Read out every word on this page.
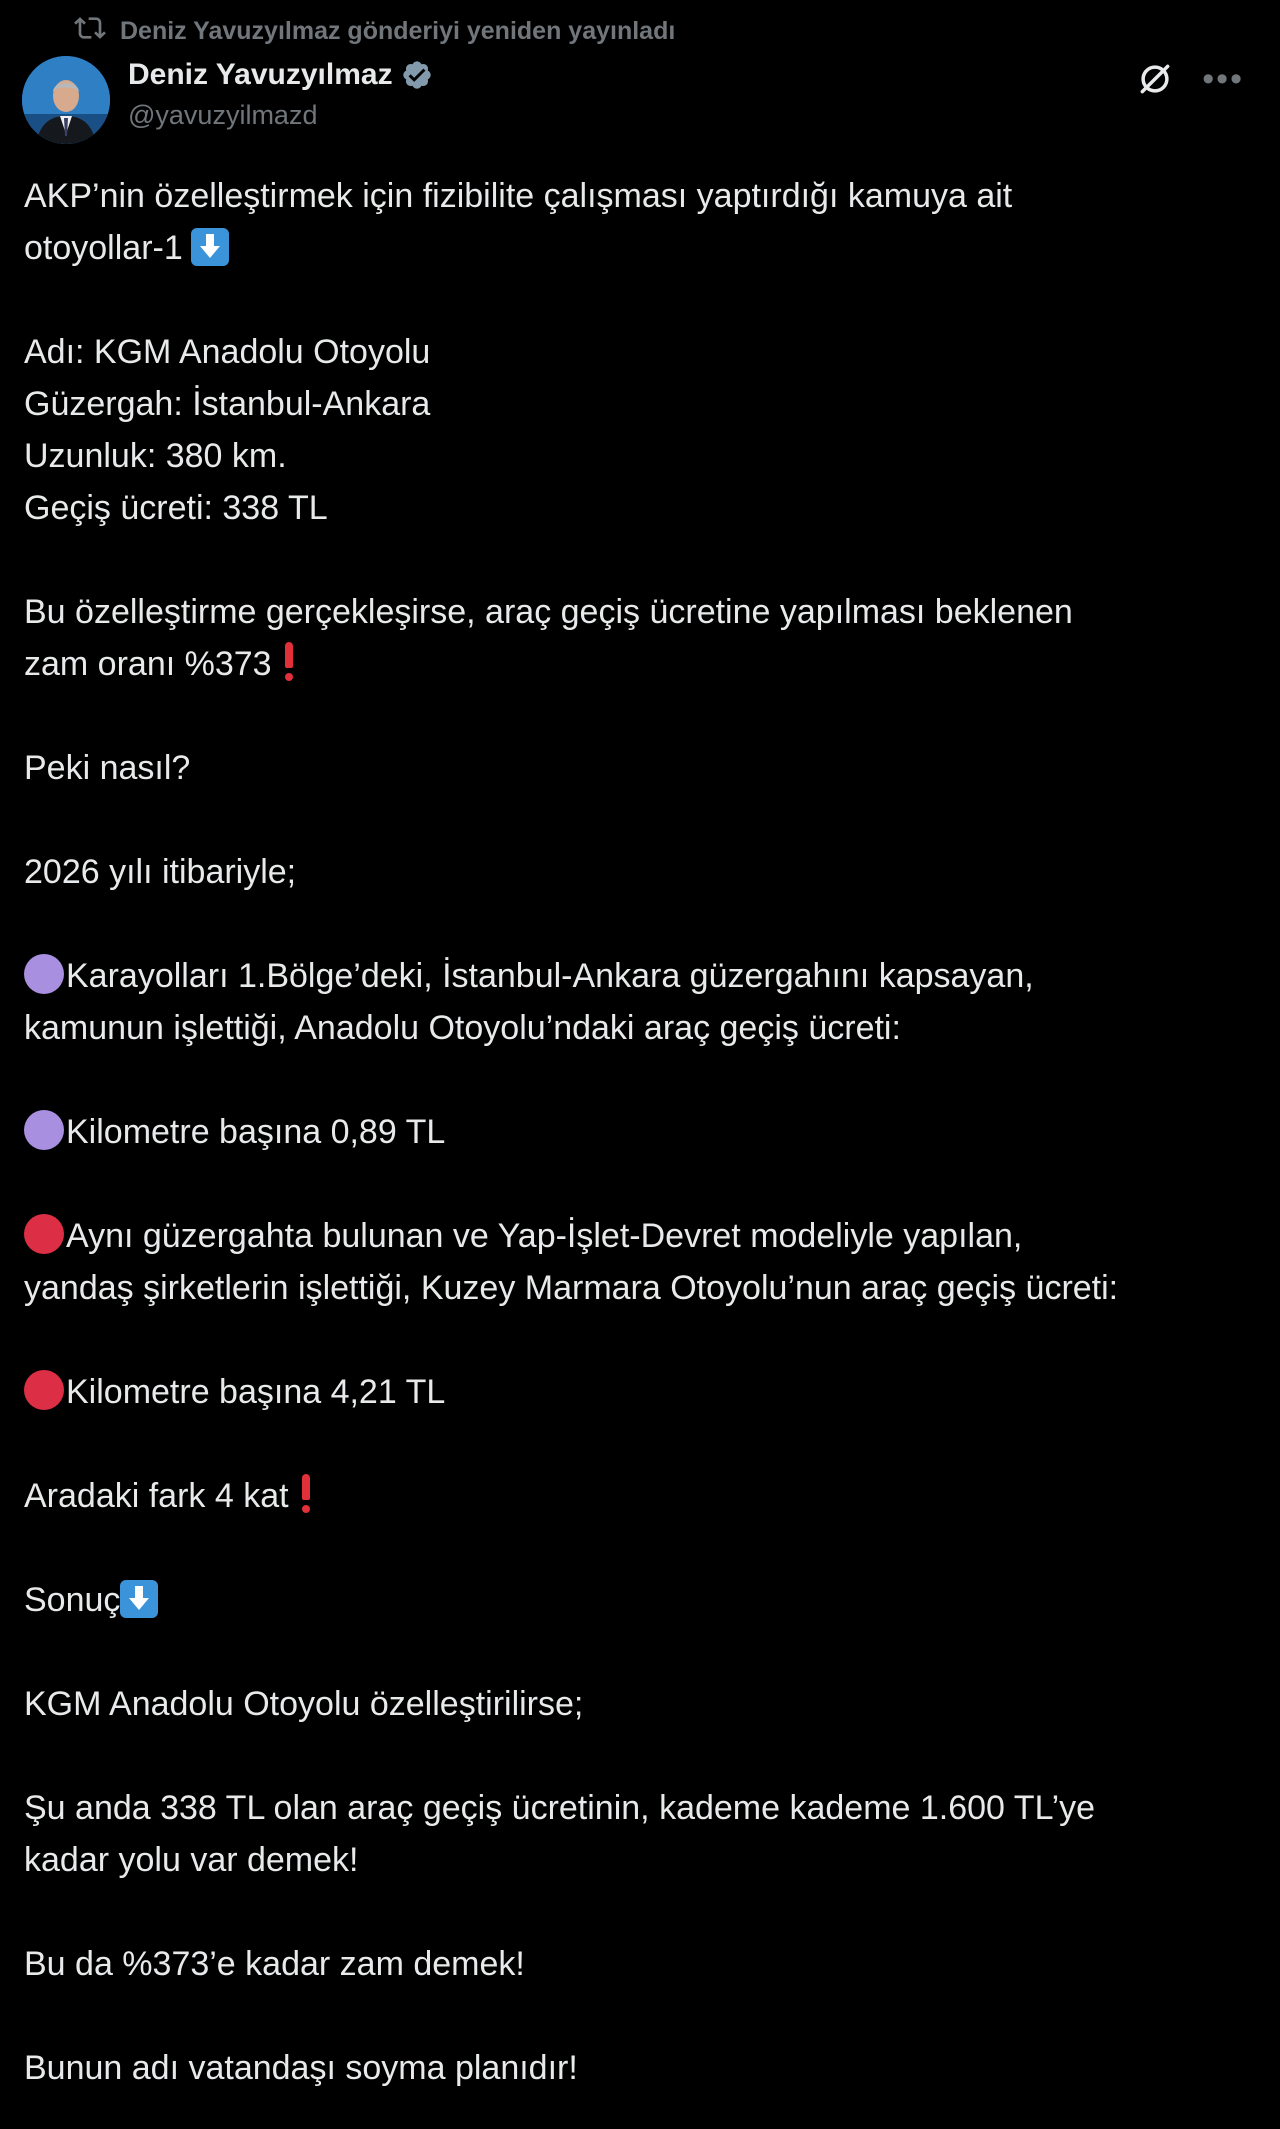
Deniz Yavuzyılmaz gönderiyi yeniden yayınladı
Deniz Yavuzyılmaz
@yavuzyilmazd
•••
AKP’nin özelleştirmek için fizibilite çalışması yaptırdığı kamuya ait
otoyollar-1
Adı: KGM Anadolu Otoyolu
Güzergah: İstanbul-Ankara
Uzunluk: 380 km.
Geçiş ücreti: 338 TL
Bu özelleştirme gerçekleşirse, araç geçiş ücretine yapılması beklenen
zam oranı %373
Peki nasıl?
2026 yılı itibariyle;
Karayolları 1.Bölge’deki, İstanbul-Ankara güzergahını kapsayan,
kamunun işlettiği, Anadolu Otoyolu’ndaki araç geçiş ücreti:
Kilometre başına 0,89 TL
Aynı güzergahta bulunan ve Yap-İşlet-Devret modeliyle yapılan,
yandaş şirketlerin işlettiği, Kuzey Marmara Otoyolu’nun araç geçiş ücreti:
Kilometre başına 4,21 TL
Aradaki fark 4 kat
Sonuç
KGM Anadolu Otoyolu özelleştirilirse;
Şu anda 338 TL olan araç geçiş ücretinin, kademe kademe 1.600 TL’ye
kadar yolu var demek!
Bu da %373’e kadar zam demek!
Bunun adı vatandaşı soyma planıdır!
